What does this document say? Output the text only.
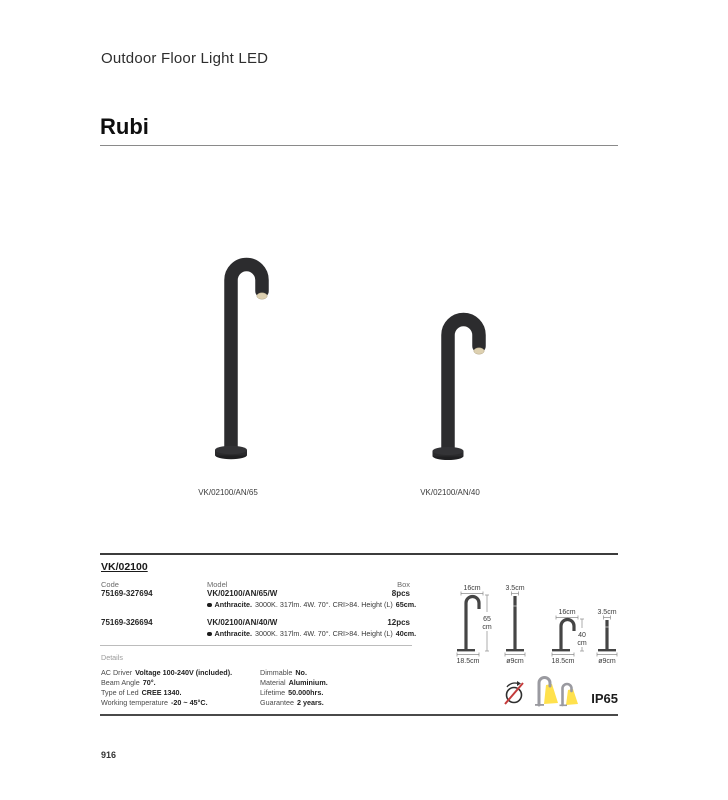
Outdoor Floor Light LED
Rubi
VK/02100/AN/65	VK/02100/AN/40
VK/02100
Code	Model	Box
75169-327694	VK/02100/AN/65/W	8pcs
Anthracite. 3000K. 317lm. 4W. 70°. CRI>84. Height (L) 65cm.
75169-326694	VK/02100/AN/40/W	12pcs
Anthracite. 3000K. 317lm. 4W. 70°. CRI>84. Height (L) 40cm.
16cm
65
cm
18.5cm
3.5cm
ø9cm
16cm
40
cm
18.5cm
3.5cm
ø9cm
Details
AC Driver Voltage 100-240V (included).
Beam Angle 70°.
Type of Led CREE 1340.
Working temperature -20 ~ 45°C.
Dimmable No.
Material Aluminium.
Lifetime 50.000hrs.
Guarantee 2 years.	IP65
916
